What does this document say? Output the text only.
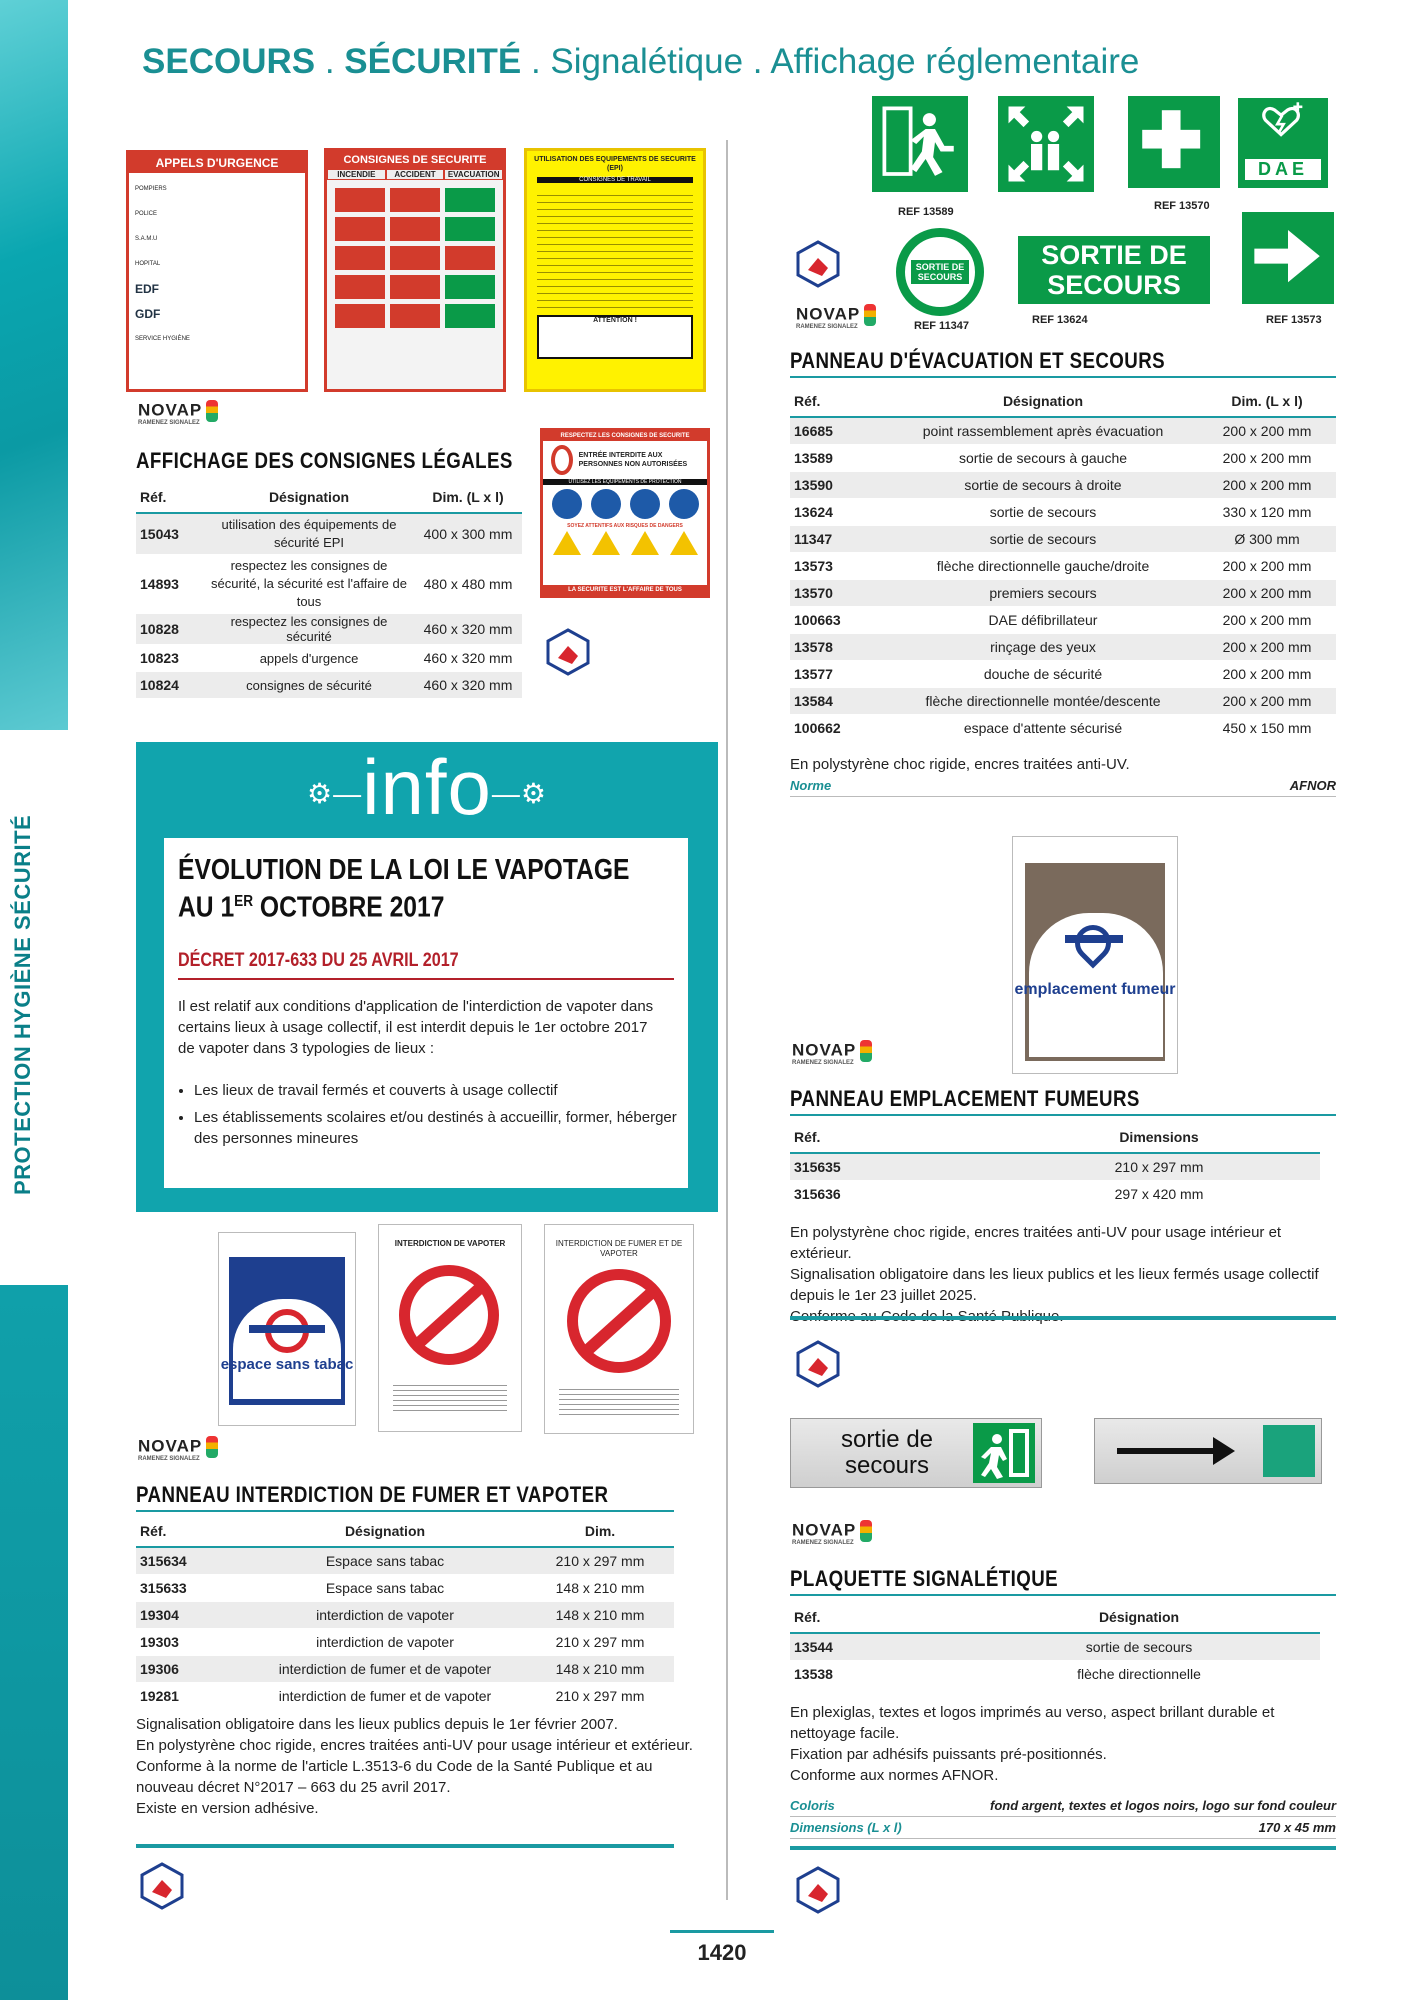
PROTECTION HYGIÈNE SÉCURITÉ
SECOURS . SÉCURITÉ . Signalétique . Affichage réglementaire
APPELS D'URGENCE
POMPIERS
POLICE
S.A.M.U
HOPITAL
EDF
GDF
SERVICE HYGIÈNE
CONSIGNES DE SECURITE
INCENDIE	ACCIDENT	EVACUATION
UTILISATION DES EQUIPEMENTS DE SECURITE (EPI)
CONSIGNES DE TRAVAIL
ATTENTION !
NOVAP
RAMENEZ SIGNALEZ
RESPECTEZ LES CONSIGNES DE SECURITE
ENTRÉE INTERDITE AUX PERSONNES NON AUTORISÉES
UTILISEZ LES EQUIPEMENTS DE PROTECTION
SOYEZ ATTENTIFS AUX RISQUES DE DANGERS
LA SECURITE EST L'AFFAIRE DE TOUS
AFFICHAGE DES CONSIGNES LÉGALES
Réf.	Désignation	Dim. (L x l)
15043	utilisation des équipements de sécurité EPI	400 x 300 mm
14893	respectez les consignes de sécurité, la sécurité est l'affaire de tous	480 x 480 mm
10828	respectez les consignes de sécurité	460 x 320 mm
10823	appels d'urgence	460 x 320 mm
10824	consignes de sécurité	460 x 320 mm
DAE
REF 13589	REF 13570
NOVAP
RAMENEZ SIGNALEZ
SORTIE DE SECOURS
SORTIE DE SECOURS
REF 11347	REF 13624	REF 13573
PANNEAU D'ÉVACUATION ET SECOURS
Réf.	Désignation	Dim. (L x l)
16685	point rassemblement après évacuation	200 x 200 mm
13589	sortie de secours à gauche	200 x 200 mm
13590	sortie de secours à droite	200 x 200 mm
13624	sortie de secours	330 x 120 mm
11347	sortie de secours	Ø 300 mm
13573	flèche directionnelle gauche/droite	200 x 200 mm
13570	premiers secours	200 x 200 mm
100663	DAE défibrillateur	200 x 200 mm
13578	rinçage des yeux	200 x 200 mm
13577	douche de sécurité	200 x 200 mm
13584	flèche directionnelle montée/descente	200 x 200 mm
100662	espace d'attente sécurisé	450 x 150 mm
En polystyrène choc rigide, encres traitées anti-UV.
Norme	AFNOR
emplacement fumeur
NOVAP
RAMENEZ SIGNALEZ
PANNEAU EMPLACEMENT FUMEURS
Réf.	Dimensions
315635	210 x 297 mm
315636	297 x 420 mm
En polystyrène choc rigide, encres traitées anti-UV pour usage intérieur et extérieur.
Signalisation obligatoire dans les lieux publics et les lieux fermés usage collectif depuis le 1er 23 juillet 2025.
sortie de secours
NOVAP
RAMENEZ SIGNALEZ
PLAQUETTE SIGNALÉTIQUE
Réf.	Désignation
13544	sortie de secours
13538	flèche directionnelle
En plexiglas, textes et logos imprimés au verso, aspect brillant durable et nettoyage facile.
Fixation par adhésifs puissants pré-positionnés.
Conforme aux normes AFNOR.
Coloris	fond argent, textes et logos noirs, logo sur fond couleur
Dimensions (L x l)	170 x 45 mm
⚙—info—⚙
ÉVOLUTION DE LA LOI LE VAPOTAGE
AU 1ER OCTOBRE 2017
DÉCRET 2017-633 DU 25 AVRIL 2017
Il est relatif aux conditions d'application de l'interdiction de vapoter dans certains lieux à usage collectif, il est interdit depuis le 1er octobre 2017 de vapoter dans 3 typologies de lieux :
• Les lieux de travail fermés et couverts à usage collectif
• Les établissements scolaires et/ou destinés à accueillir, former, héberger des personnes mineures
espace sans tabac
INTERDICTION DE VAPOTER	INTERDICTION DE FUMER ET DE VAPOTER
NOVAP
RAMENEZ SIGNALEZ
PANNEAU INTERDICTION DE FUMER ET VAPOTER
Réf.	Désignation	Dim.
315634	Espace sans tabac	210 x 297 mm
315633	Espace sans tabac	148 x 210 mm
19304	interdiction de vapoter	148 x 210 mm
19303	interdiction de vapoter	210 x 297 mm
19306	interdiction de fumer et de vapoter	148 x 210 mm
19281	interdiction de fumer et de vapoter	210 x 297 mm
Signalisation obligatoire dans les lieux publics depuis le 1er février 2007.
En polystyrène choc rigide, encres traitées anti-UV pour usage intérieur et extérieur.
Conforme à la norme de l'article L.3513-6 du Code de la Santé Publique et au nouveau décret N°2017 – 663 du 25 avril 2017.
Existe en version adhésive.
1420
